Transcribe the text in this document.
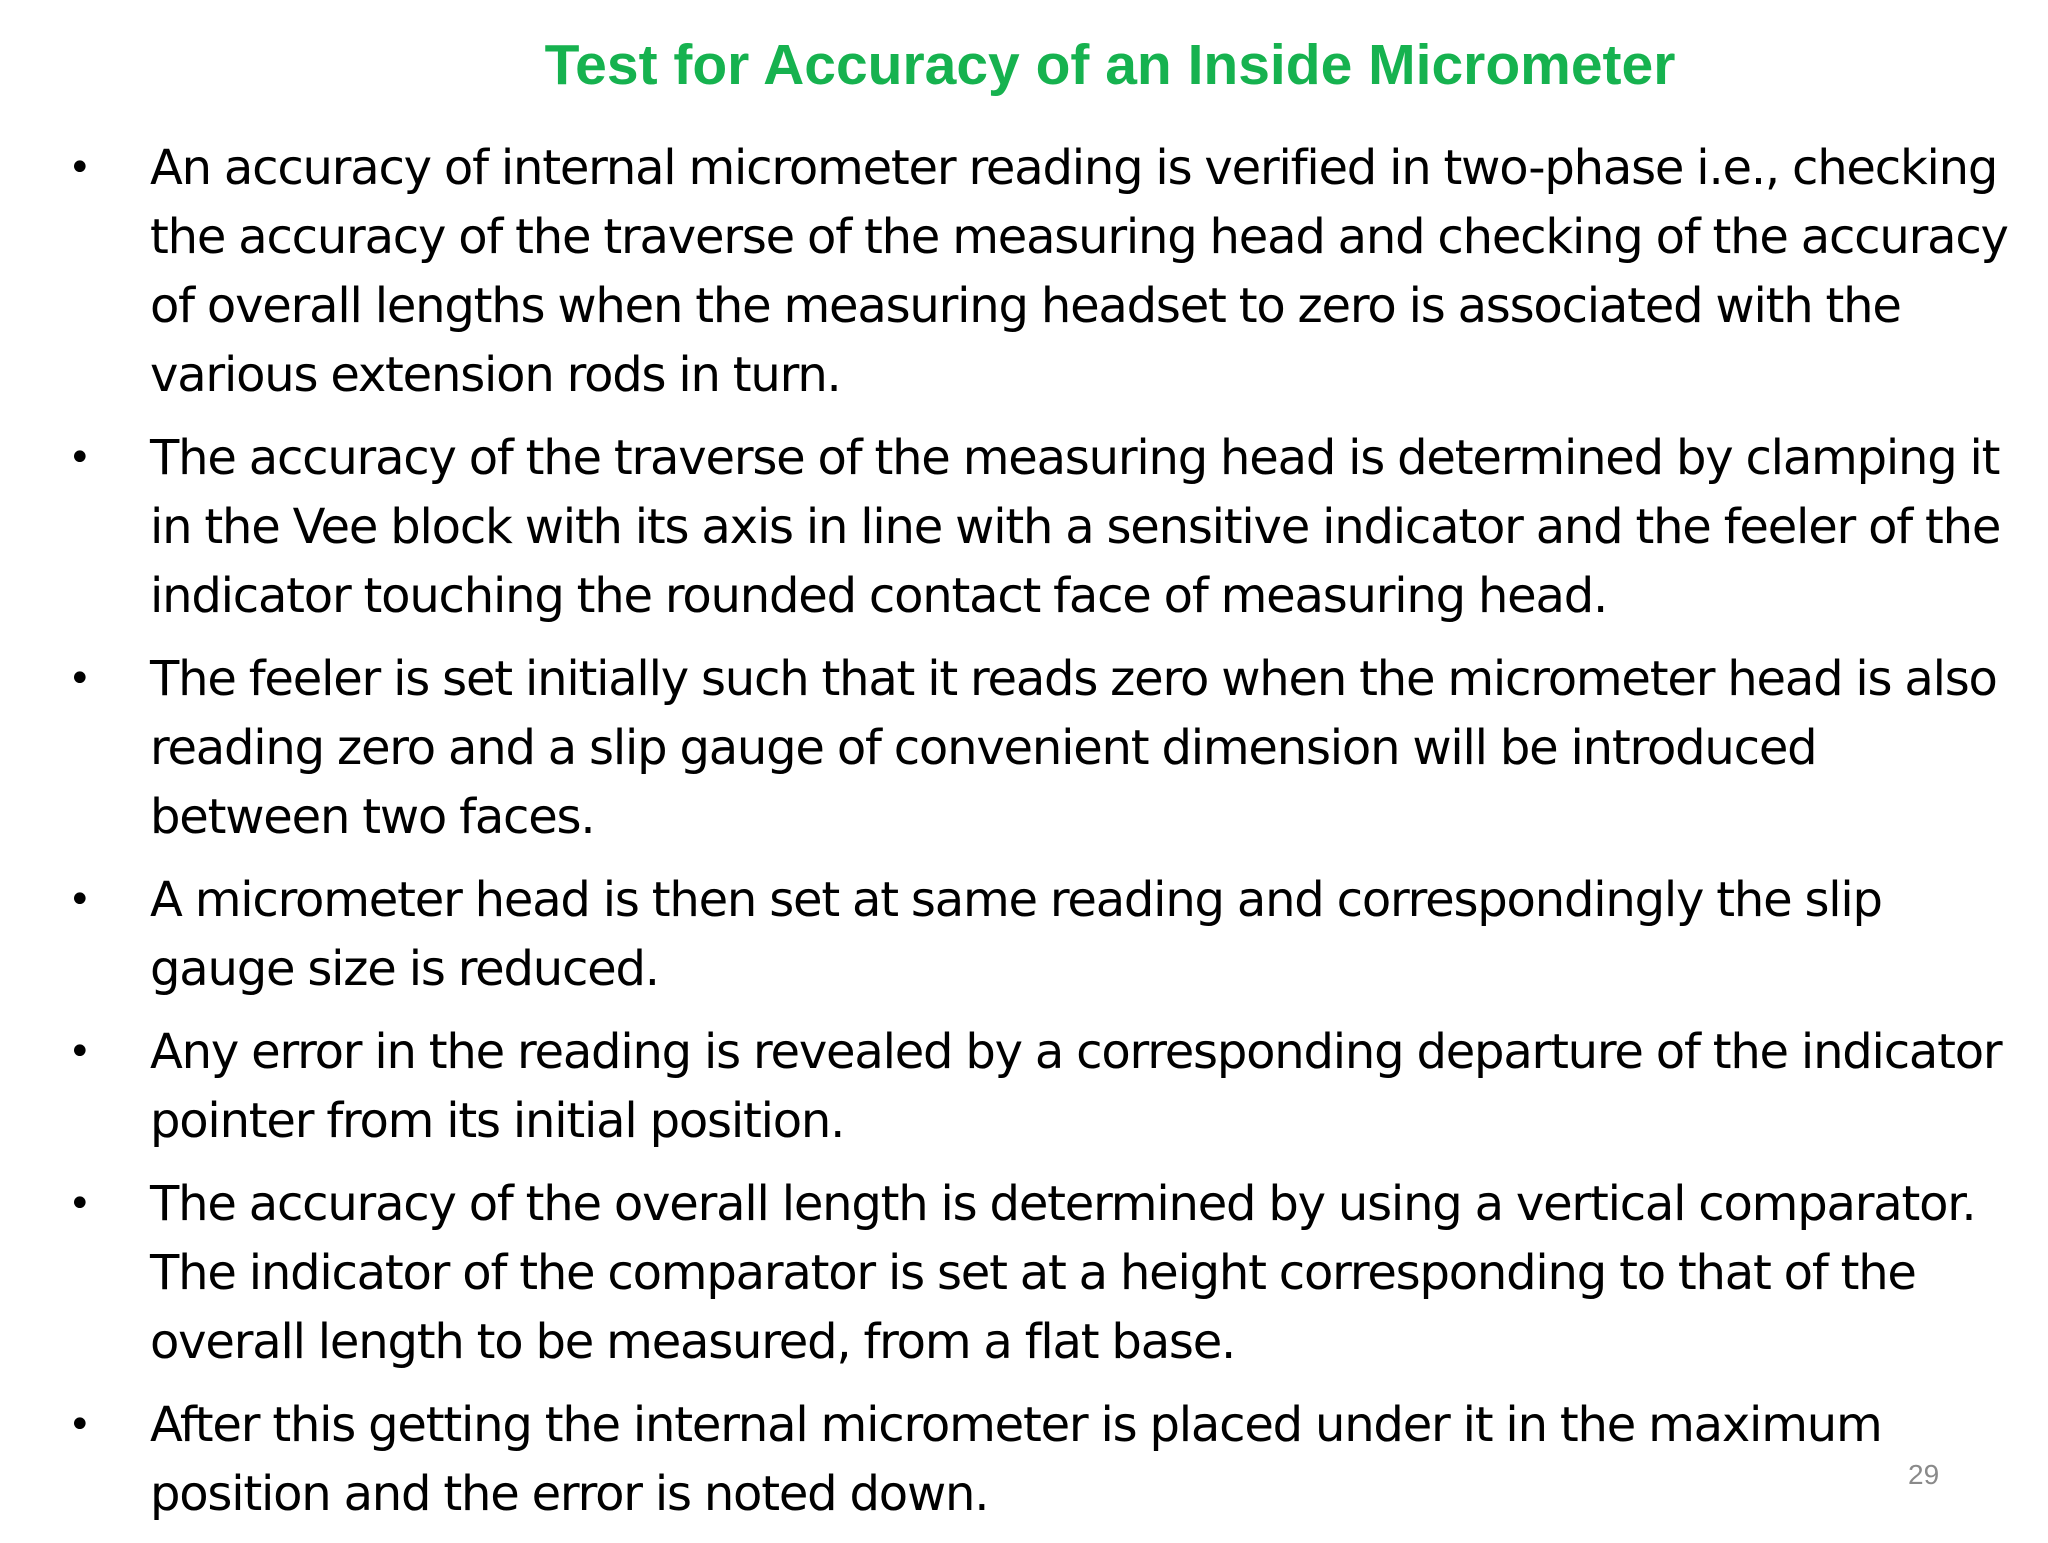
Test for Accuracy of an Inside Micrometer
• An accuracy of internal micrometer reading is verified in two-phase i.e., checking the accuracy of the traverse of the measuring head and checking of the accuracy of overall lengths when the measuring headset to zero is associated with the various extension rods in turn.
• The accuracy of the traverse of the measuring head is determined by clamping it in the Vee block with its axis in line with a sensitive indicator and the feeler of the indicator touching the rounded contact face of measuring head.
• The feeler is set initially such that it reads zero when the micrometer head is also reading zero and a slip gauge of convenient dimension will be introduced between two faces.
• A micrometer head is then set at same reading and correspondingly the slip gauge size is reduced.
• Any error in the reading is revealed by a corresponding departure of the indicator pointer from its initial position.
• The accuracy of the overall length is determined by using a vertical comparator. The indicator of the comparator is set at a height corresponding to that of the overall length to be measured, from a flat base.
• After this getting the internal micrometer is placed under it in the maximum position and the error is noted down.	29
